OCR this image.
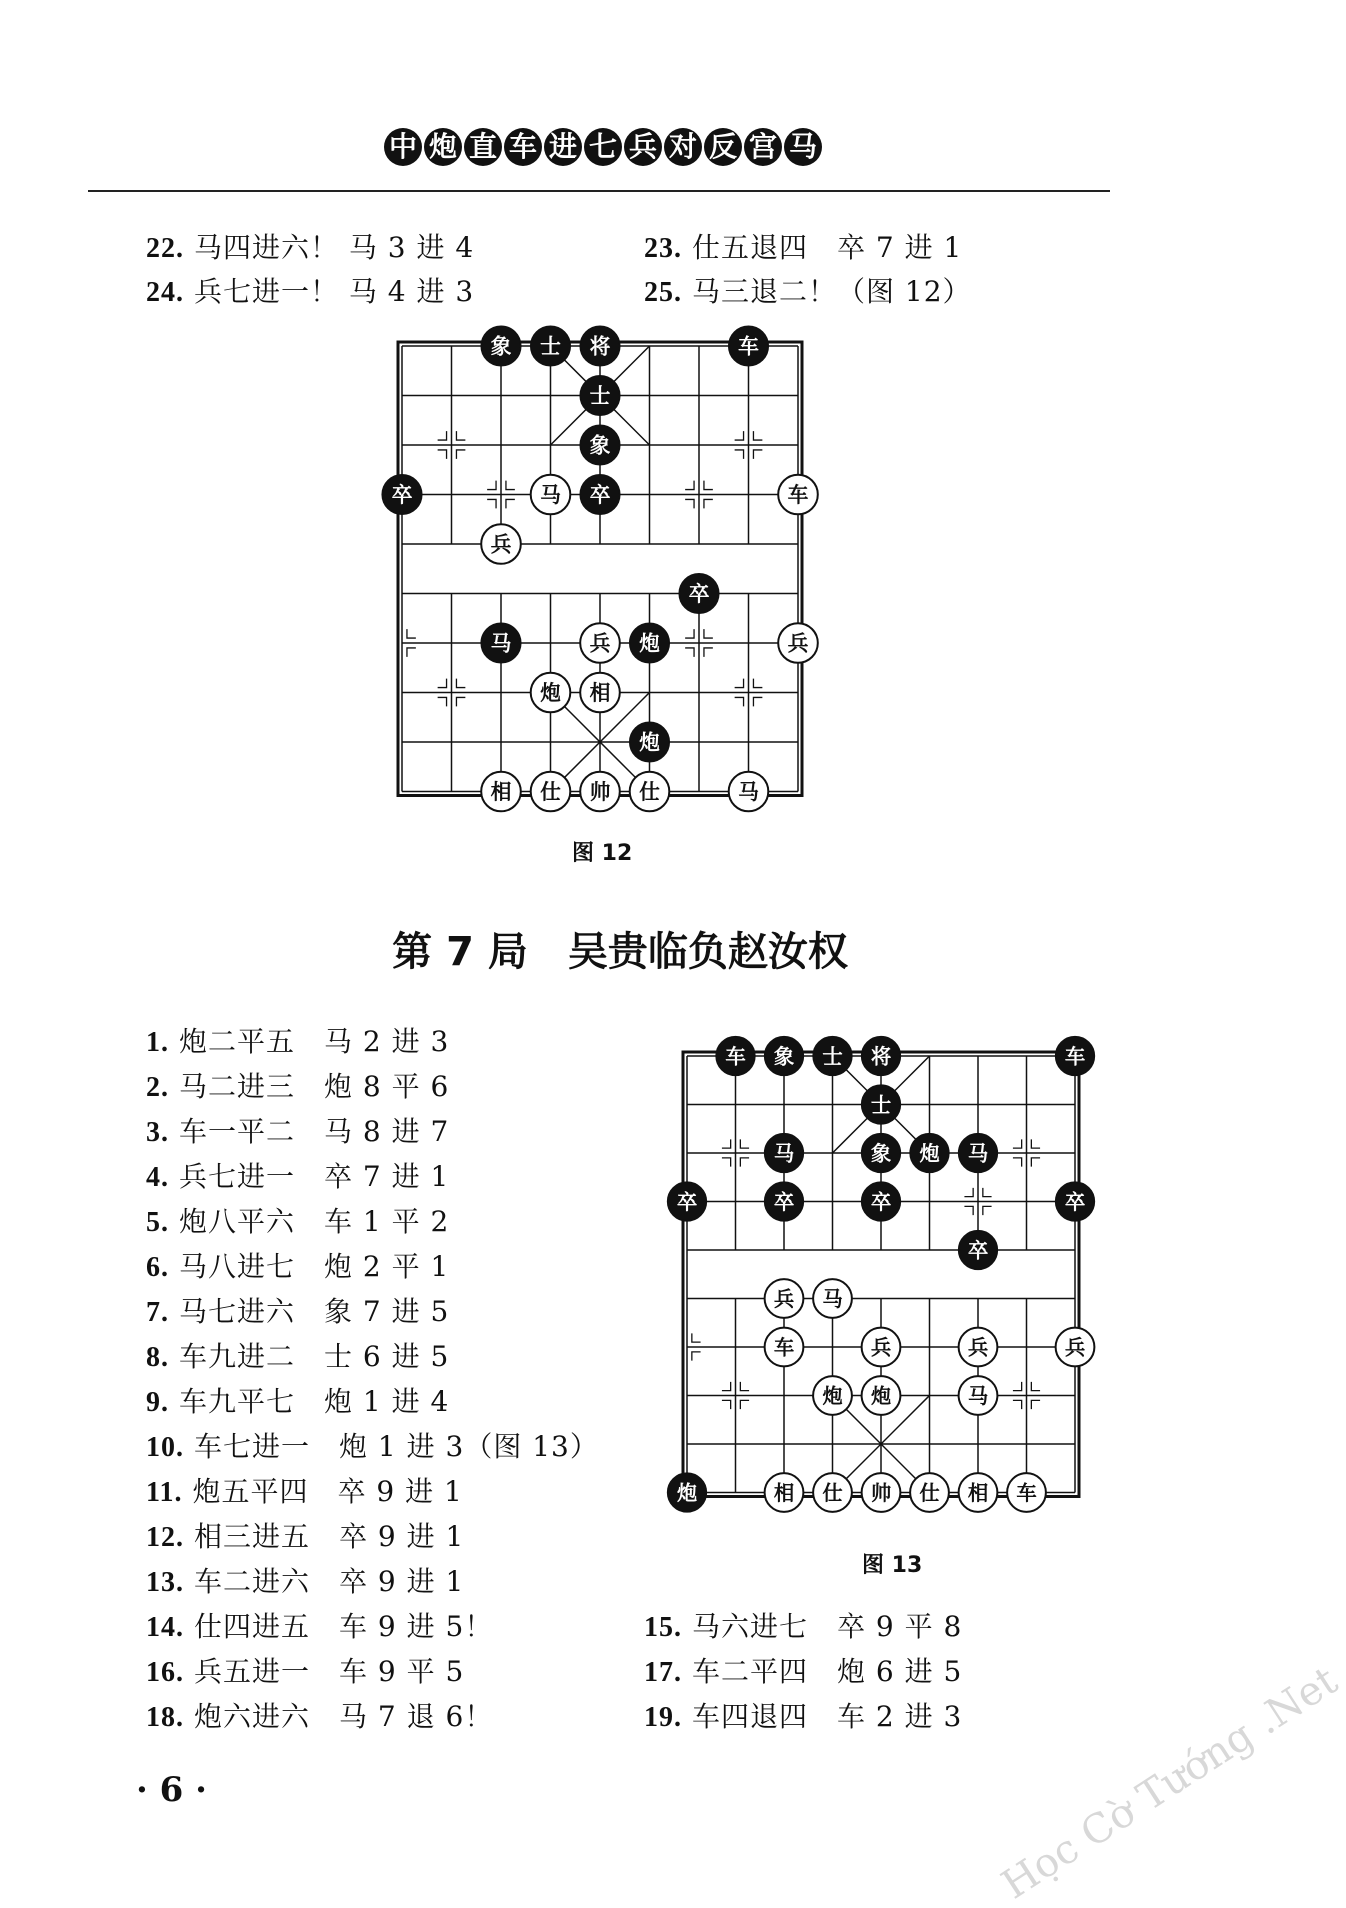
中 炮 直 车 进 七 兵 对 反 宫 马
22. 马四进六！ 马 3 进 4	23. 仕五退四　卒 7 进 1
24. 兵七进一！ 马 4 进 3	25. 马三退二！（图 12）
象 士 将	车
士
象
卒	马 卒	车
兵
卒
马	兵 炮	兵
炮 相
炮
相 仕 帅 仕	马
图 12
第 7 局　吴贵临负赵汝权
1. 炮二平五　马 2 进 3
2. 马二进三　炮 8 平 6
3. 车一平二　马 8 进 7
4. 兵七进一　卒 7 进 1
5. 炮八平六　车 1 平 2
6. 马八进七　炮 2 平 1
7. 马七进六　象 7 进 5
8. 车九进二　士 6 进 5
9. 车九平七　炮 1 进 4
10. 车七进一　炮 1 进 3（图 13）
11. 炮五平四　卒 9 进 1
12. 相三进五　卒 9 进 1
13. 车二进六　卒 9 进 1
14. 仕四进五　车 9 进 5！
16. 兵五进一　车 9 平 5
18. 炮六进六　马 7 退 6！
车 象 士 将	车
士
马	象 炮 马
卒	卒	卒	卒
卒
兵 马
车	兵	兵	兵
炮 炮	马
炮	相 仕 帅 仕 相 车
图 13
15. 马六进七　卒 9 平 8
17. 车二平四　炮 6 进 5
19. 车四退四　车 2 进 3
· 6 ·	Học Cờ Tướng .Net
